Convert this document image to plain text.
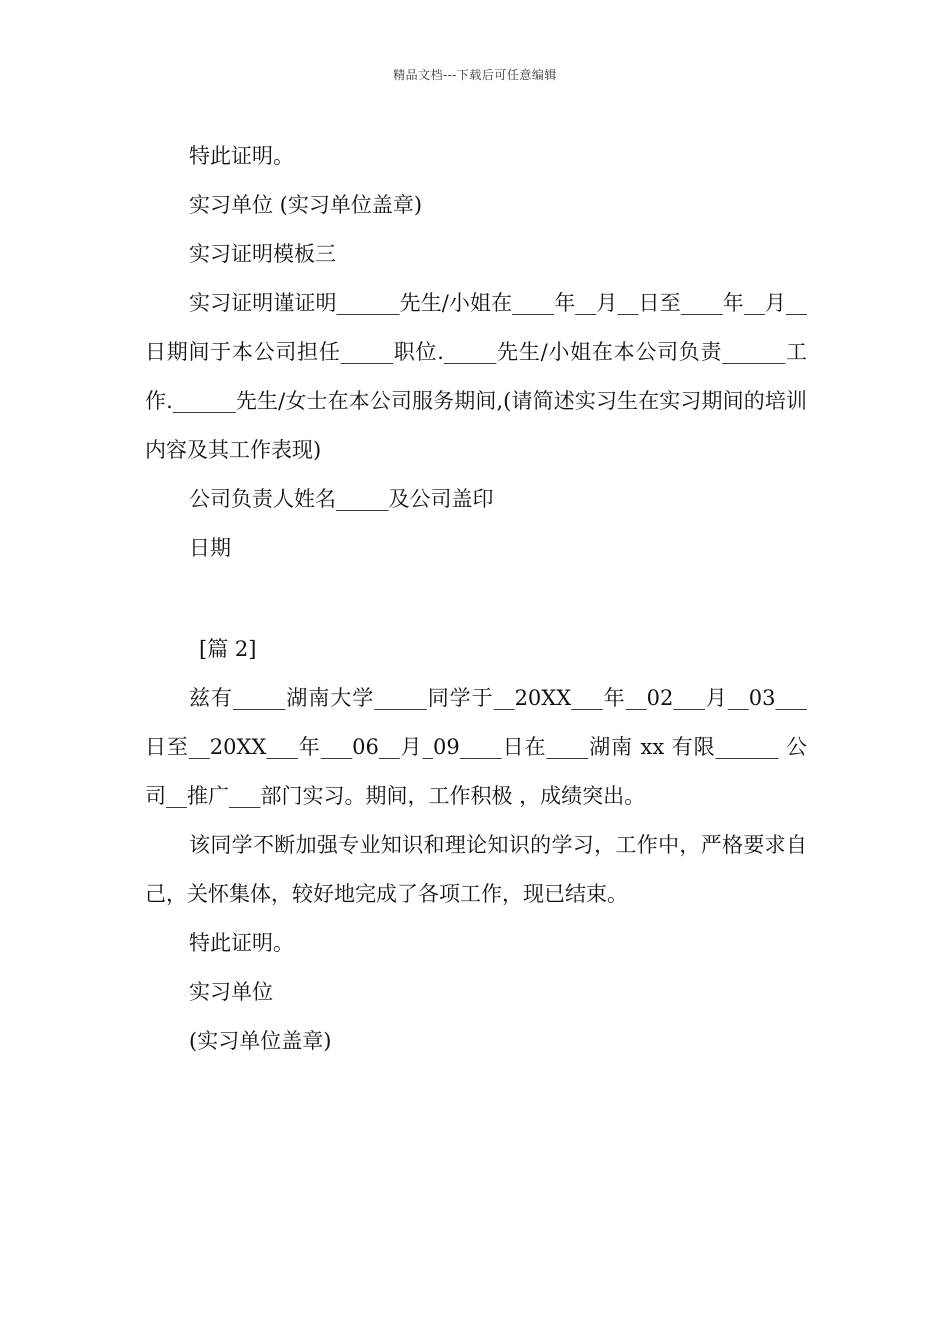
精品文档---下载后可任意编辑

特此证明。

实习单位 (实习单位盖章)

实习证明模板三

实习证明谨证明______先生/小姐在____年__月__日至____年__月__日期间于本公司担任_____职位._____先生/小姐在本公司负责______工作.______先生/女士在本公司服务期间,(请简述实习生在实习期间的培训内容及其工作表现)

公司负责人姓名_____及公司盖印

日期

[篇 2]

兹有_____湖南大学_____同学于__20XX___年__02___月__03___日至__20XX___年___06__月_09____日在____湖南 xx 有限______ 公司__推广___部门实习。期间，工作积极 ，成绩突出。

该同学不断加强专业知识和理论知识的学习，工作中，严格要求自己，关怀集体，较好地完成了各项工作，现已结束。

特此证明。

实习单位

(实习单位盖章)
